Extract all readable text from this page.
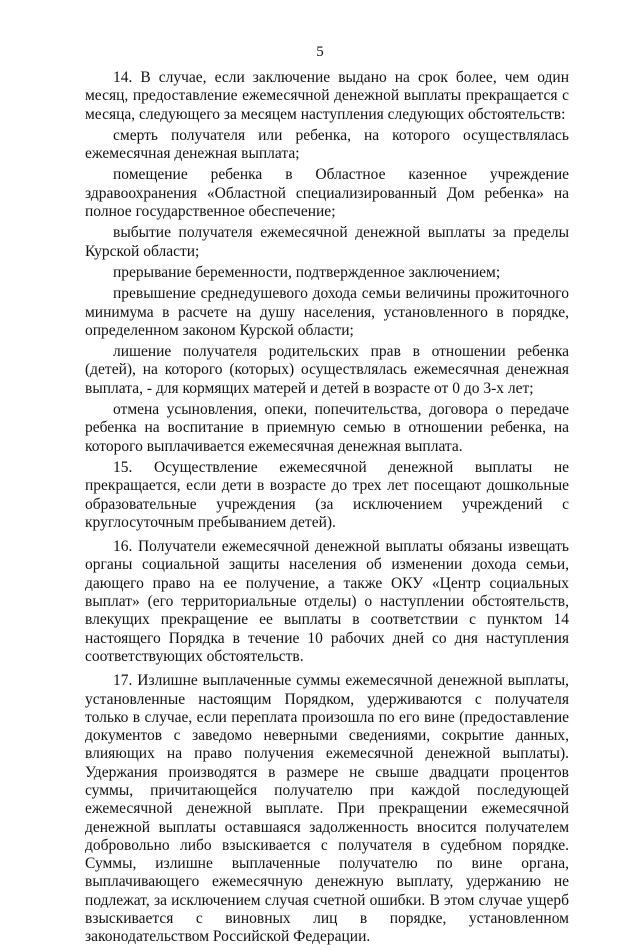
5

14. В случае, если заключение выдано на срок более, чем один месяц, предоставление ежемесячной денежной выплаты прекращается с месяца, следующего за месяцем наступления следующих обстоятельств:

смерть получателя или ребенка, на которого осуществлялась ежемесячная денежная выплата;

помещение ребенка в Областное казенное учреждение здравоохранения «Областной специализированный Дом ребенка» на полное государственное обеспечение;

выбытие получателя ежемесячной денежной выплаты за пределы Курской области;

прерывание беременности, подтвержденное заключением;

превышение среднедушевого дохода семьи величины прожиточного минимума в расчете на душу населения, установленного в порядке, определенном законом Курской области;

лишение получателя родительских прав в отношении ребенка (детей), на которого (которых) осуществлялась ежемесячная денежная выплата, - для кормящих матерей и детей в возрасте от 0 до 3-х лет;

отмена усыновления, опеки, попечительства, договора о передаче ребенка на воспитание в приемную семью в отношении ребенка, на которого выплачивается ежемесячная денежная выплата.

15. Осуществление ежемесячной денежной выплаты не прекращается, если дети в возрасте до трех лет посещают дошкольные образовательные учреждения (за исключением учреждений с круглосуточным пребыванием детей).

16. Получатели ежемесячной денежной выплаты обязаны извещать органы социальной защиты населения об изменении дохода семьи, дающего право на ее получение, а также ОКУ «Центр социальных выплат» (его территориальные отделы) о наступлении обстоятельств, влекущих прекращение ее выплаты в соответствии с пунктом 14 настоящего Порядка в течение 10 рабочих дней со дня наступления соответствующих обстоятельств.

17. Излишне выплаченные суммы ежемесячной денежной выплаты, установленные настоящим Порядком, удерживаются с получателя только в случае, если переплата произошла по его вине (предоставление документов с заведомо неверными сведениями, сокрытие данных, влияющих на право получения ежемесячной денежной выплаты). Удержания производятся в размере не свыше двадцати процентов суммы, причитающейся получателю при каждой последующей ежемесячной денежной выплате. При прекращении ежемесячной денежной выплаты оставшаяся задолженность вносится получателем добровольно либо взыскивается с получателя в судебном порядке. Суммы, излишне выплаченные получателю по вине органа, выплачивающего ежемесячную денежную выплату, удержанию не подлежат, за исключением случая счетной ошибки. В этом случае ущерб взыскивается с виновных лиц в порядке, установленном законодательством Российской Федерации.
